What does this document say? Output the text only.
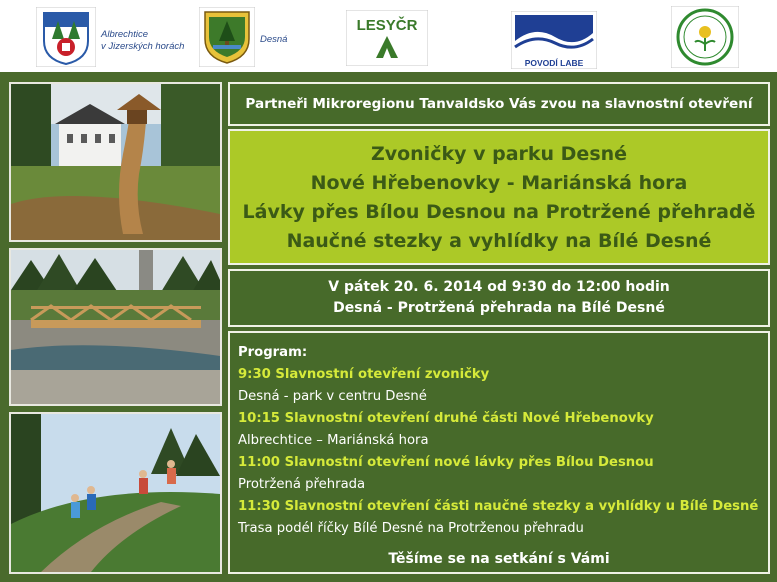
Albrechtice
v Jizerských horách
Desná
LESYČR
POVODÍ LABE
Partneři Mikroregionu Tanvaldsko Vás zvou na slavnostní otevření
Zvoničky v parku Desné
Nové Hřebenovky - Mariánská hora
Lávky přes Bílou Desnou na Protržené přehradě
Naučné stezky a vyhlídky na Bílé Desné
V pátek 20. 6. 2014 od 9:30 do 12:00 hodin
Desná - Protržená přehrada na Bílé Desné
Program:
9:30 Slavnostní otevření zvoničky
Desná - park v centru Desné
10:15 Slavnostní otevření druhé části Nové Hřebenovky
Albrechtice – Mariánská hora
11:00 Slavnostní otevření nové lávky přes Bílou Desnou
Protržená přehrada
11:30 Slavnostní otevření části naučné stezky a vyhlídky u Bílé Desné
Trasa podél říčky Bílé Desné na Protrženou přehradu
Těšíme se na setkání s Vámi
